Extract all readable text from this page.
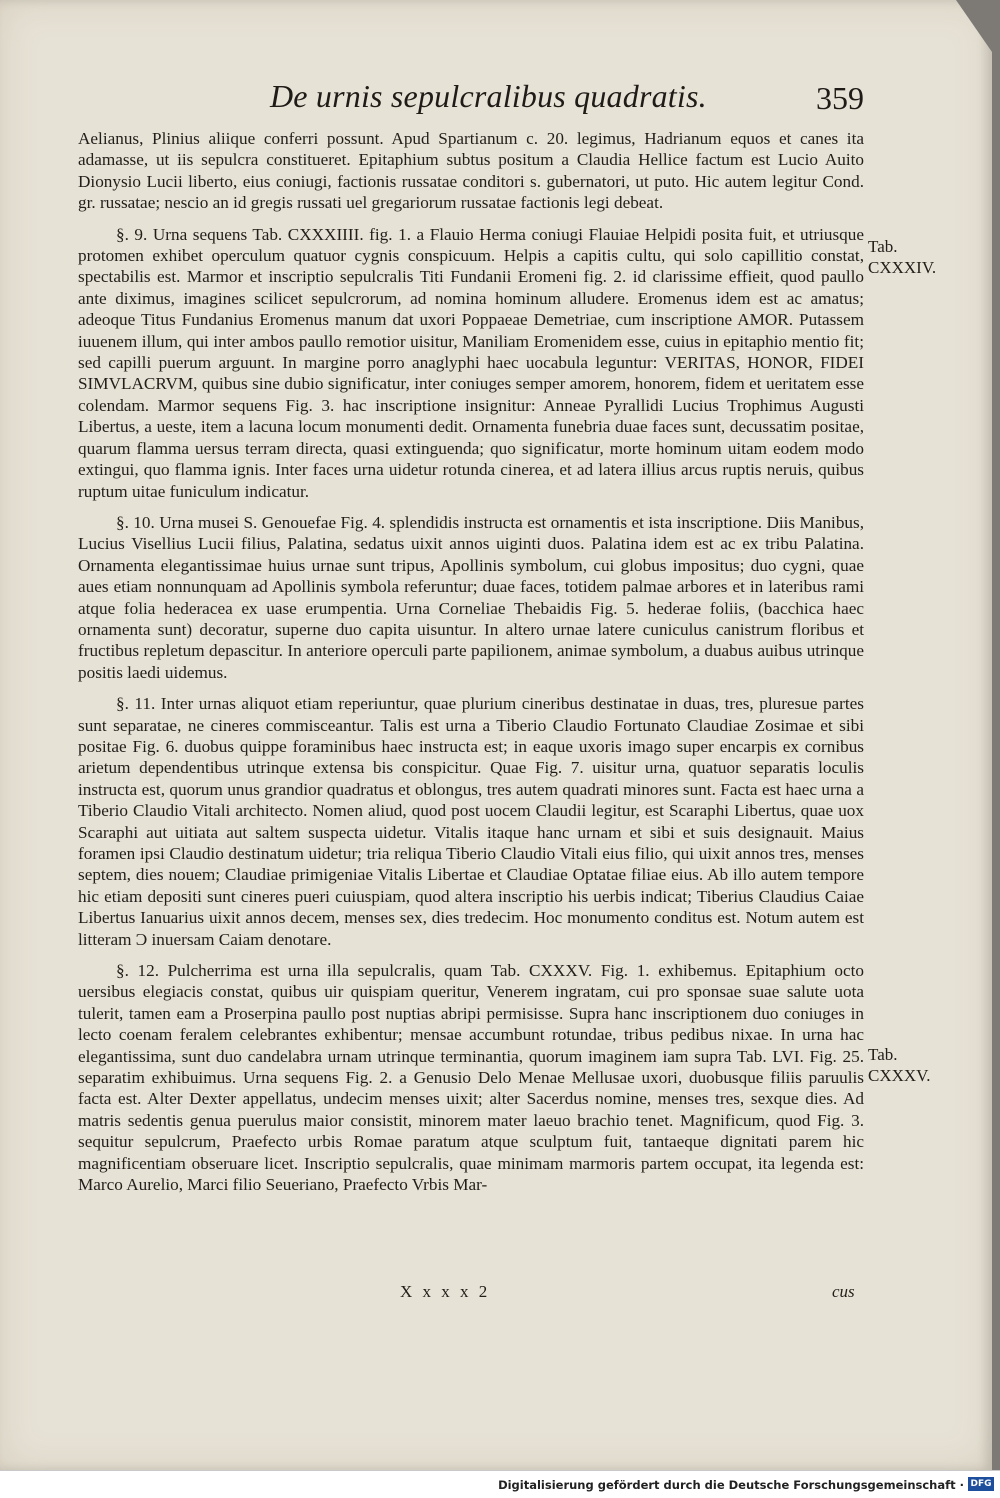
De urnis sepulcralibus quadratis.	359

Aelianus, Plinius aliique conferri possunt. Apud Spartianum c. 20. legimus, Hadrianum equos et canes ita adamasse, ut iis sepulcra constitueret. Epitaphium subtus positum a Claudia Hellice factum est Lucio Auito Dionysio Lucii liberto, eius coniugi, factionis russatae conditori s. gubernatori, ut puto. Hic autem legitur Cond. gr. russatae; nescio an id gregis russati uel gregariorum russatae factionis legi debeat.

§. 9. Urna sequens Tab. CXXXIIII. fig. 1. a Flauio Herma coniugi Flauiae Helpidi posita fuit, et utriusque protomen exhibet operculum quatuor cygnis conspicuum. Helpis a capitis cultu, qui solo capillitio constat, spectabilis est. Marmor et inscriptio sepulcralis Titi Fundanii Eromeni fig. 2. id clarissime effieit, quod paullo ante diximus, imagines scilicet sepulcrorum, ad nomina hominum alludere. Eromenus idem est ac amatus; adeoque Titus Fundanius Eromenus manum dat uxori Poppaeae Demetriae, cum inscriptione AMOR. Putassem iuuenem illum, qui inter ambos paullo remotior uisitur, Maniliam Eromenidem esse, cuius in epitaphio mentio fit; sed capilli puerum arguunt. In margine porro anaglyphi haec uocabula leguntur: VERITAS, HONOR, FIDEI SIMVLACRVM, quibus sine dubio significatur, inter coniuges semper amorem, honorem, fidem et ueritatem esse colendam. Marmor sequens Fig. 3. hac inscriptione insignitur: Anneae Pyrallidi Lucius Trophimus Augusti Libertus, a ueste, item a lacuna locum monumenti dedit. Ornamenta funebria duae faces sunt, decussatim positae, quarum flamma uersus terram directa, quasi extinguenda; quo significatur, morte hominum uitam eodem modo extingui, quo flamma ignis. Inter faces urna uidetur rotunda cinerea, et ad latera illius arcus ruptis neruis, quibus ruptum uitae funiculum indicatur.

§. 10. Urna musei S. Genouefae Fig. 4. splendidis instructa est ornamentis et ista inscriptione. Diis Manibus, Lucius Visellius Lucii filius, Palatina, sedatus uixit annos uiginti duos. Palatina idem est ac ex tribu Palatina. Ornamenta elegantissimae huius urnae sunt tripus, Apollinis symbolum, cui globus impositus; duo cygni, quae aues etiam nonnunquam ad Apollinis symbola referuntur; duae faces, totidem palmae arbores et in lateribus rami atque folia hederacea ex uase erumpentia. Urna Corneliae Thebaidis Fig. 5. hederae foliis, (bacchica haec ornamenta sunt) decoratur, superne duo capita uisuntur. In altero urnae latere cuniculus canistrum floribus et fructibus repletum depascitur. In anteriore operculi parte papilionem, animae symbolum, a duabus auibus utrinque positis laedi uidemus.

§. 11. Inter urnas aliquot etiam reperiuntur, quae plurium cineribus destinatae in duas, tres, pluresue partes sunt separatae, ne cineres commisceantur. Talis est urna a Tiberio Claudio Fortunato Claudiae Zosimae et sibi positae Fig. 6. duobus quippe foraminibus haec instructa est; in eaque uxoris imago super encarpis ex cornibus arietum dependentibus utrinque extensa bis conspicitur. Quae Fig. 7. uisitur urna, quatuor separatis loculis instructa est, quorum unus grandior quadratus et oblongus, tres autem quadrati minores sunt. Facta est haec urna a Tiberio Claudio Vitali architecto. Nomen aliud, quod post uocem Claudii legitur, est Scaraphi Libertus, quae uox Scaraphi aut uitiata aut saltem suspecta uidetur. Vitalis itaque hanc urnam et sibi et suis designauit. Maius foramen ipsi Claudio destinatum uidetur; tria reliqua Tiberio Claudio Vitali eius filio, qui uixit annos tres, menses septem, dies nouem; Claudiae primigeniae Vitalis Libertae et Claudiae Optatae filiae eius. Ab illo autem tempore hic etiam depositi sunt cineres pueri cuiuspiam, quod altera inscriptio his uerbis indicat; Tiberius Claudius Caiae Libertus Ianuarius uixit annos decem, menses sex, dies tredecim. Hoc monumento conditus est. Notum autem est litteram Ͻ inuersam Caiam denotare.

§. 12. Pulcherrima est urna illa sepulcralis, quam Tab. CXXXV. Fig. 1. exhibemus. Epitaphium octo uersibus elegiacis constat, quibus uir quispiam queritur, Venerem ingratam, cui pro sponsae suae salute uota tulerit, tamen eam a Proserpina paullo post nuptias abripi permisisse. Supra hanc inscriptionem duo coniuges in lecto coenam feralem celebrantes exhibentur; mensae accumbunt rotundae, tribus pedibus nixae. In urna hac elegantissima, sunt duo candelabra urnam utrinque terminantia, quorum imaginem iam supra Tab. LVI. Fig. 25. separatim exhibuimus. Urna sequens Fig. 2. a Genusio Delo Menae Mellusae uxori, duobusque filiis paruulis facta est. Alter Dexter appellatus, undecim menses uixit; alter Sacerdus nomine, menses tres, sexque dies. Ad matris sedentis genua puerulus maior consistit, minorem mater laeuo brachio tenet. Magnificum, quod Fig. 3. sequitur sepulcrum, Praefecto urbis Romae paratum atque sculptum fuit, tantaeque dignitati parem hic magnificentiam obseruare licet. Inscriptio sepulcralis, quae minimam marmoris partem occupat, ita legenda est: Marco Aurelio, Marci filio Seueriano, Praefecto Vrbis Mar-

Tab.
CXXXIV.
Tab.
CXXXV.
X x x x 2	cus
Digitalisierung gefördert durch die Deutsche Forschungsgemeinschaft · DFG
